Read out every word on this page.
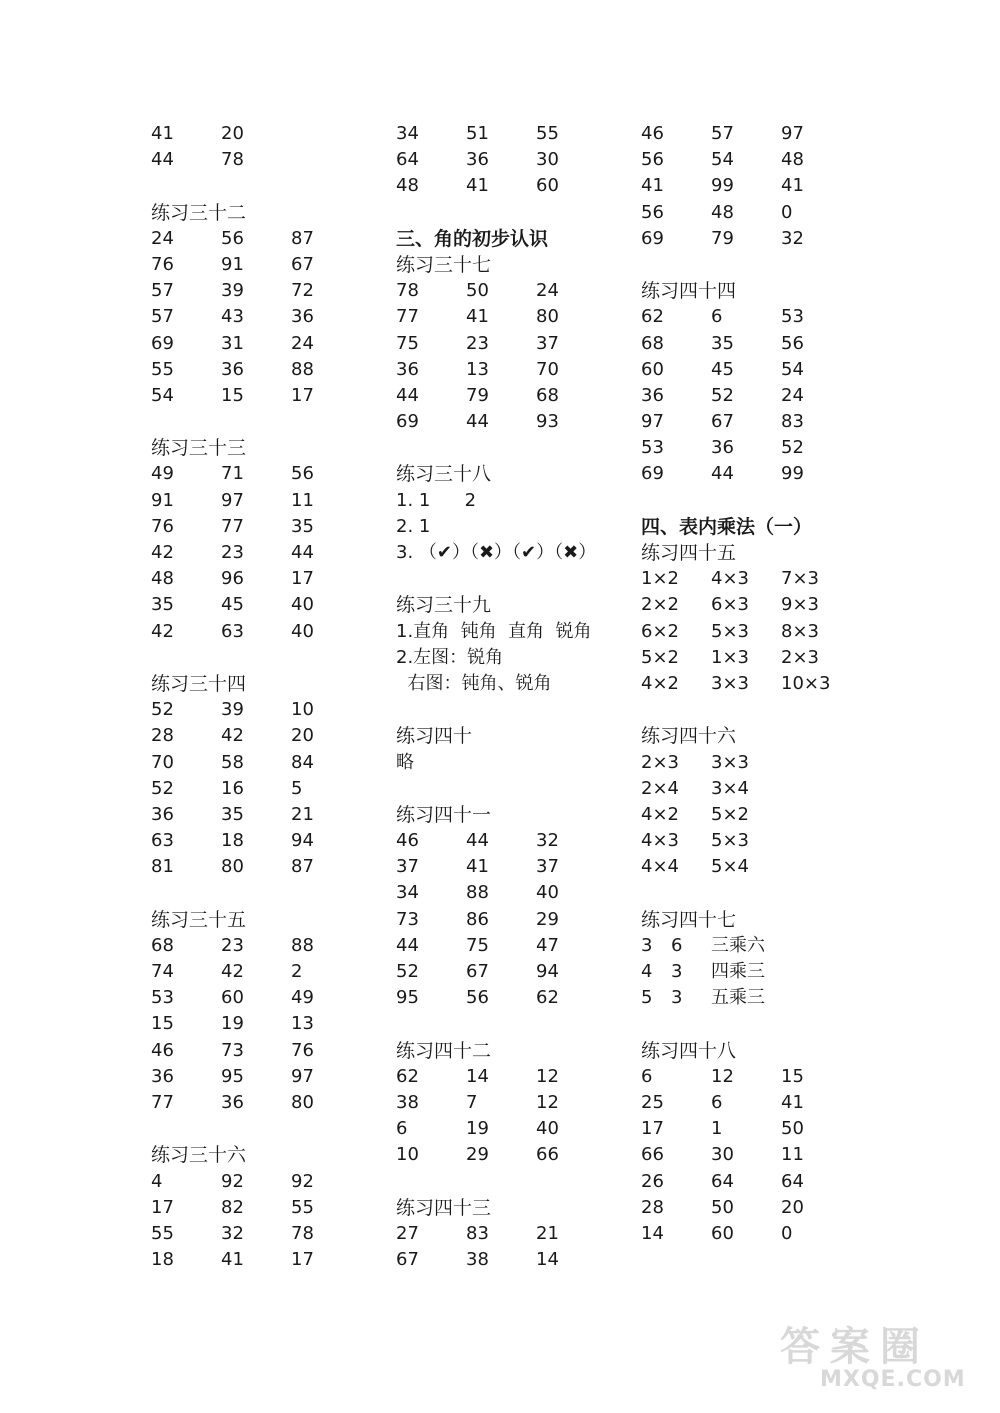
41	20
44	78
练习三十二
24	56	87
76	91	67
57	39	72
57	43	36
69	31	24
55	36	88
54	15	17
练习三十三
49	71	56
91	97	11
76	77	35
42	23	44
48	96	17
35	45	40
42	63	40
练习三十四
52	39	10
28	42	20
70	58	84
52	16	5
36	35	21
63	18	94
81	80	87
练习三十五
68	23	88
74	42	2
53	60	49
15	19	13
46	73	76
36	95	97
77	36	80
练习三十六
4	92	92
17	82	55
55	32	78
18	41	17
34	51	55
64	36	30
48	41	60
三、角的初步认识
练习三十七
78	50	24
77	41	80
75	23	37
36	13	70
44	79	68
69	44	93
练习三十八
1. 1      2
2. 1
3. （✔）（✖）（✔）（✖）
练习三十九
1.直角  钝角  直角  锐角
2.左图：锐角
右图：钝角、锐角
练习四十
略
练习四十一
46	44	32
37	41	37
34	88	40
73	86	29
44	75	47
52	67	94
95	56	62
练习四十二
62	14	12
38	7	12
6	19	40
10	29	66
练习四十三
27	83	21
67	38	14
46	57	97
56	54	48
41	99	41
56	48	0
69	79	32
练习四十四
62	6	53
68	35	56
60	45	54
36	52	24
97	67	83
53	36	52
69	44	99
四、表内乘法（一）
练习四十五
1×2 4×3 7×3
2×2 6×3 9×3
6×2 5×3 8×3
5×2 1×3 2×3
4×2 3×3 10×3
练习四十六
2×3 3×3
2×4 3×4
4×2 5×2
4×3 5×3
4×4 5×4
练习四十七
3 6 三乘六
4 3 四乘三
5 3 五乘三
练习四十八
6	12	15
25	6	41
17	1	50
66	30	11
26	64	64
28	50	20
14	60	0
答 案 圈
MXQE.COM
